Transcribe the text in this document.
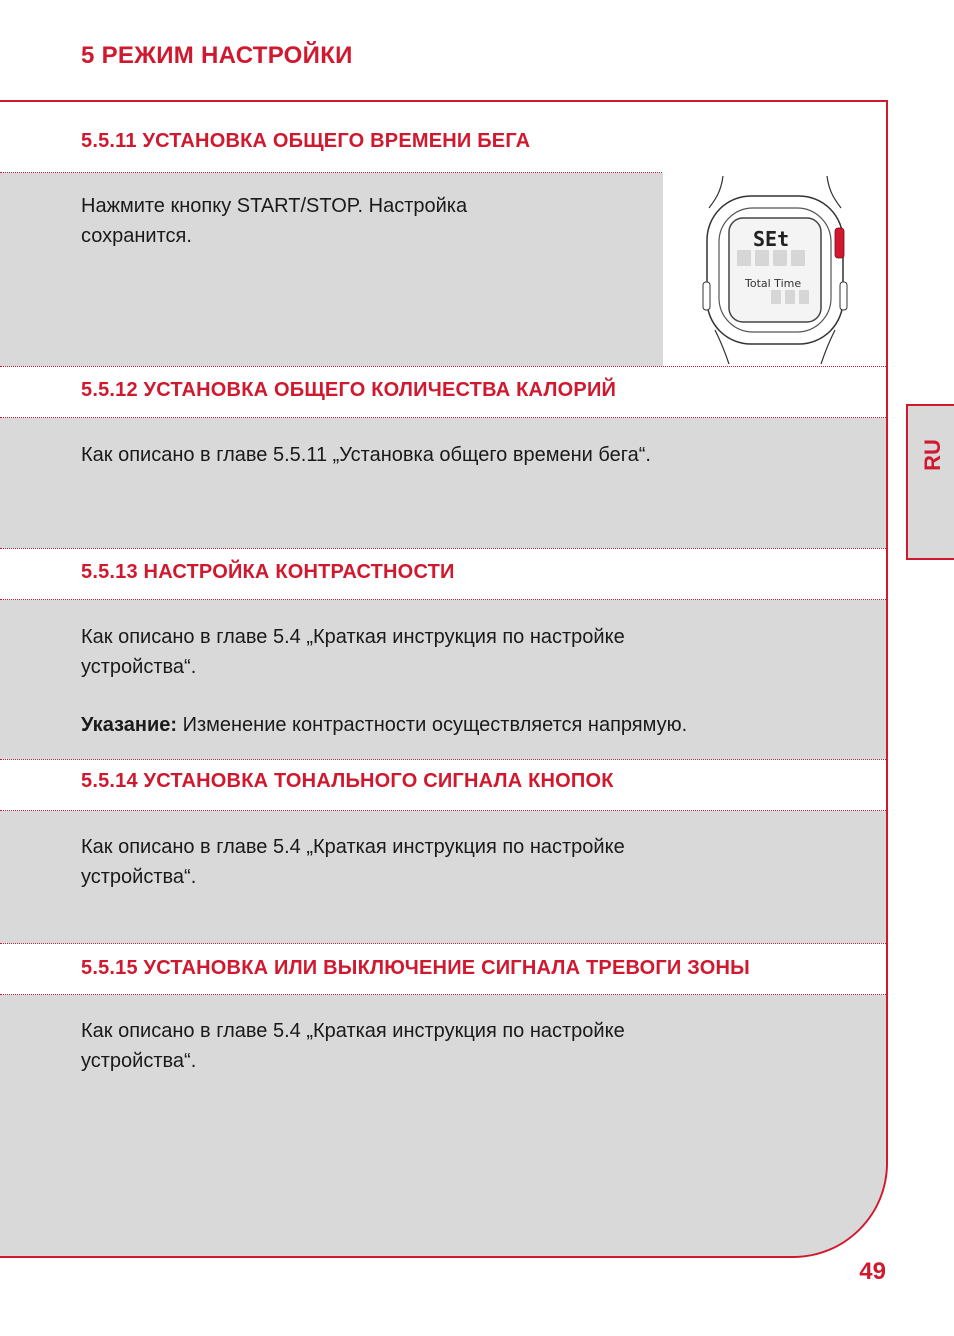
5 РЕЖИМ НАСТРОЙКИ
5.5.11 УСТАНОВКА ОБЩЕГО ВРЕМЕНИ БЕГА
Нажмите кнопку START/STOP. Настройка
сохранится.	SEt
Total Time
5.5.12 УСТАНОВКА ОБЩЕГО КОЛИЧЕСТВА КАЛОРИЙ
Как описано в главе 5.5.11 „Установка общего времени бега“.
5.5.13 НАСТРОЙКА КОНТРАСТНОСТИ
Как описано в главе 5.4 „Краткая инструкция по настройке
устройства“.
Указание: Изменение контрастности осуществляется напрямую.
5.5.14 УСТАНОВКА ТОНАЛЬНОГО СИГНАЛА КНОПОК
Как описано в главе 5.4 „Краткая инструкция по настройке
устройства“.
5.5.15 УСТАНОВКА ИЛИ ВЫКЛЮЧЕНИЕ СИГНАЛА ТРЕВОГИ ЗОНЫ
Как описано в главе 5.4 „Краткая инструкция по настройке
устройства“.
RU
49
